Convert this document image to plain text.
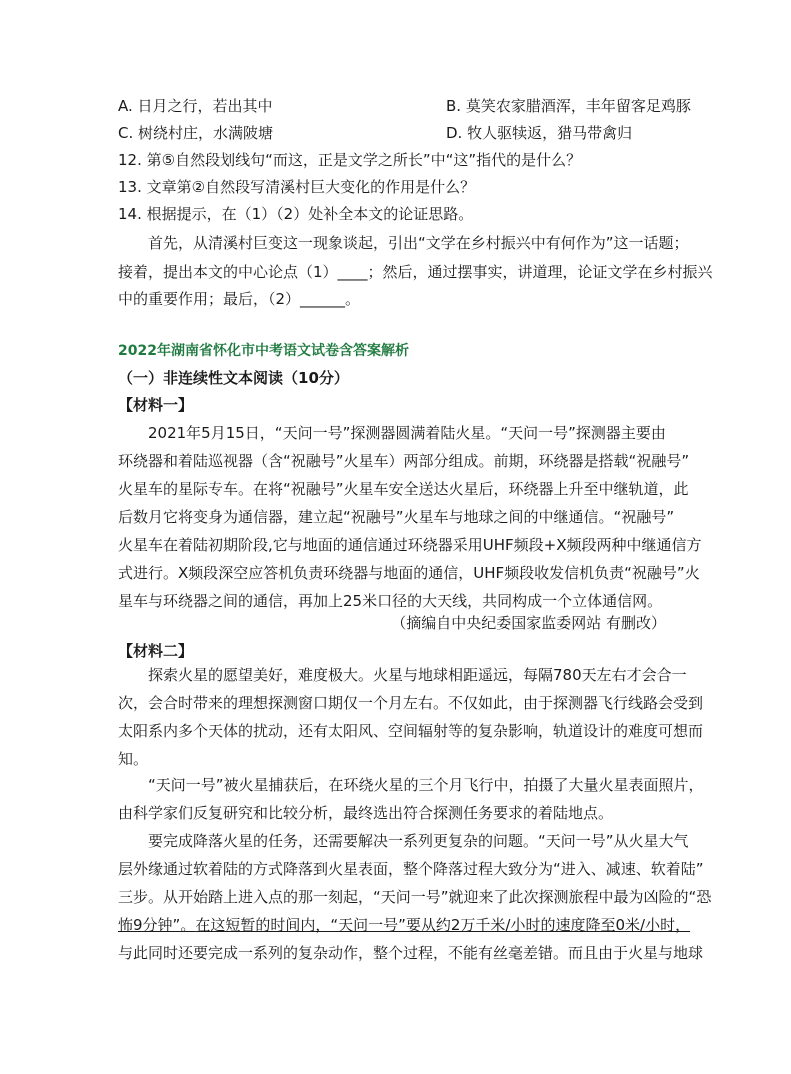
A. 日月之行，若出其中	B. 莫笑农家腊酒浑，丰年留客足鸡豚
C. 树绕村庄，水满陂塘	D. 牧人驱犊返，猎马带禽归
12. 第⑤自然段划线句“而这，正是文学之所长”中“这”指代的是什么？
13. 文章第②自然段写清溪村巨大变化的作用是什么？
14. 根据提示，在（1）（2）处补全本文的论证思路。
首先，从清溪村巨变这一现象谈起，引出“文学在乡村振兴中有何作为”这一话题；
接着，提出本文的中心论点（1）____；然后，通过摆事实，讲道理，论证文学在乡村振兴
中的重要作用；最后，（2）______。
2022年湖南省怀化市中考语文试卷含答案解析
（一）非连续性文本阅读（10分）
【材料一】
2021年5月15日，“天问一号”探测器圆满着陆火星。“天问一号”探测器主要由
环绕器和着陆巡视器（含“祝融号”火星车）两部分组成。前期，环绕器是搭载“祝融号”
火星车的星际专车。在将“祝融号”火星车安全送达火星后，环绕器上升至中继轨道，此
后数月它将变身为通信器，建立起“祝融号”火星车与地球之间的中继通信。“祝融号”
火星车在着陆初期阶段,它与地面的通信通过环绕器采用UHF频段+X频段两种中继通信方
式进行。X频段深空应答机负责环绕器与地面的通信，UHF频段收发信机负责“祝融号”火
星车与环绕器之间的通信，再加上25米口径的大天线，共同构成一个立体通信网。
（摘编自中央纪委国家监委网站 有删改）
【材料二】
探索火星的愿望美好，难度极大。火星与地球相距遥远，每隔780天左右才会合一
次，会合时带来的理想探测窗口期仅一个月左右。不仅如此，由于探测器飞行线路会受到
太阳系内多个天体的扰动，还有太阳风、空间辐射等的复杂影响，轨道设计的难度可想而
知。
“天问一号”被火星捕获后，在环绕火星的三个月飞行中，拍摄了大量火星表面照片，
由科学家们反复研究和比较分析，最终选出符合探测任务要求的着陆地点。
要完成降落火星的任务，还需要解决一系列更复杂的问题。“天问一号”从火星大气
层外缘通过软着陆的方式降落到火星表面，整个降落过程大致分为“进入、减速、软着陆”
三步。从开始踏上进入点的那一刻起，“天问一号”就迎来了此次探测旅程中最为凶险的“恐
怖9分钟”。在这短暂的时间内，“天问一号”要从约2万千米/小时的速度降至0米/小时，
与此同时还要完成一系列的复杂动作，整个过程，不能有丝毫差错。而且由于火星与地球
